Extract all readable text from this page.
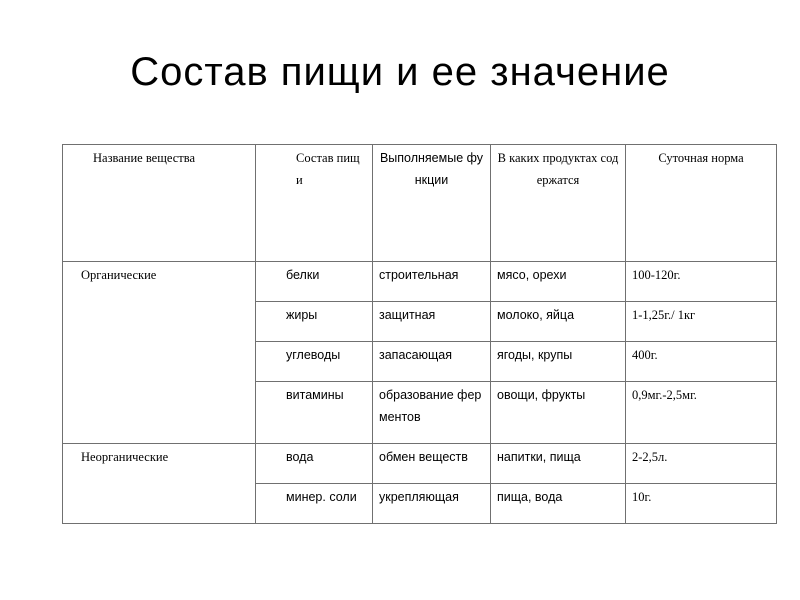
Состав пищи и ее значение
Название вещества	Состав пищи	Выполняемые функции	В каких продуктах содержатся	Суточная норма
Органические	белки	строительная	мясо, орехи	100-120г.
	жиры	защитная	молоко, яйца	1-1,25г./ 1кг
	углеводы	запасающая	ягоды, крупы	400г.
	витамины	образование ферментов	овощи, фрукты	0,9мг.-2,5мг.
Неорганические	вода	обмен веществ	напитки, пища	2-2,5л.
	минер. соли	укрепляющая	пища, вода	10г.
